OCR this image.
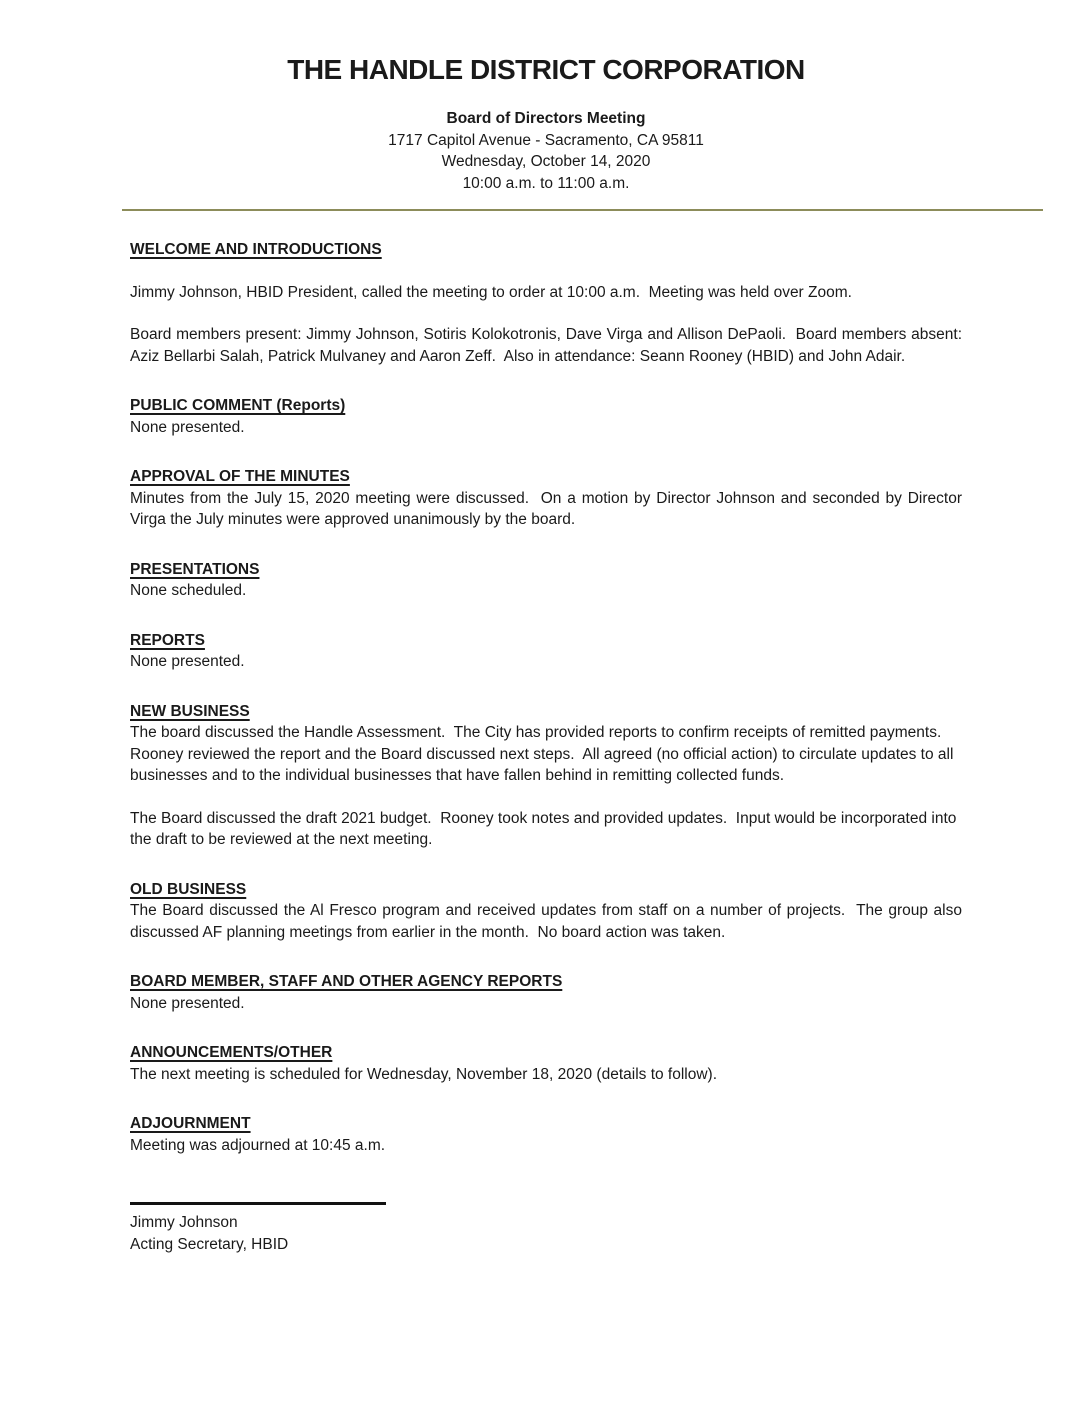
THE HANDLE DISTRICT CORPORATION
Board of Directors Meeting
1717 Capitol Avenue - Sacramento, CA 95811
Wednesday, October 14, 2020
10:00 a.m. to 11:00 a.m.
WELCOME AND INTRODUCTIONS

Jimmy Johnson, HBID President, called the meeting to order at 10:00 a.m.  Meeting was held over Zoom.

Board members present: Jimmy Johnson, Sotiris Kolokotronis, Dave Virga and Allison DePaoli.  Board members absent: Aziz Bellarbi Salah, Patrick Mulvaney and Aaron Zeff.  Also in attendance: Seann Rooney (HBID) and John Adair.

PUBLIC COMMENT (Reports)

None presented.

APPROVAL OF THE MINUTES

Minutes from the July 15, 2020 meeting were discussed.  On a motion by Director Johnson and seconded by Director Virga the July minutes were approved unanimously by the board.

PRESENTATIONS

None scheduled.

REPORTS

None presented.

NEW BUSINESS

The board discussed the Handle Assessment.  The City has provided reports to confirm receipts of remitted payments.  Rooney reviewed the report and the Board discussed next steps.  All agreed (no official action) to circulate updates to all businesses and to the individual businesses that have fallen behind in remitting collected funds.

The Board discussed the draft 2021 budget.  Rooney took notes and provided updates.  Input would be incorporated into the draft to be reviewed at the next meeting.

OLD BUSINESS

The Board discussed the Al Fresco program and received updates from staff on a number of projects.  The group also discussed AF planning meetings from earlier in the month.  No board action was taken.

BOARD MEMBER, STAFF AND OTHER AGENCY REPORTS

None presented.

ANNOUNCEMENTS/OTHER

The next meeting is scheduled for Wednesday, November 18, 2020 (details to follow).

ADJOURNMENT

Meeting was adjourned at 10:45 a.m.

Jimmy Johnson
Acting Secretary, HBID
